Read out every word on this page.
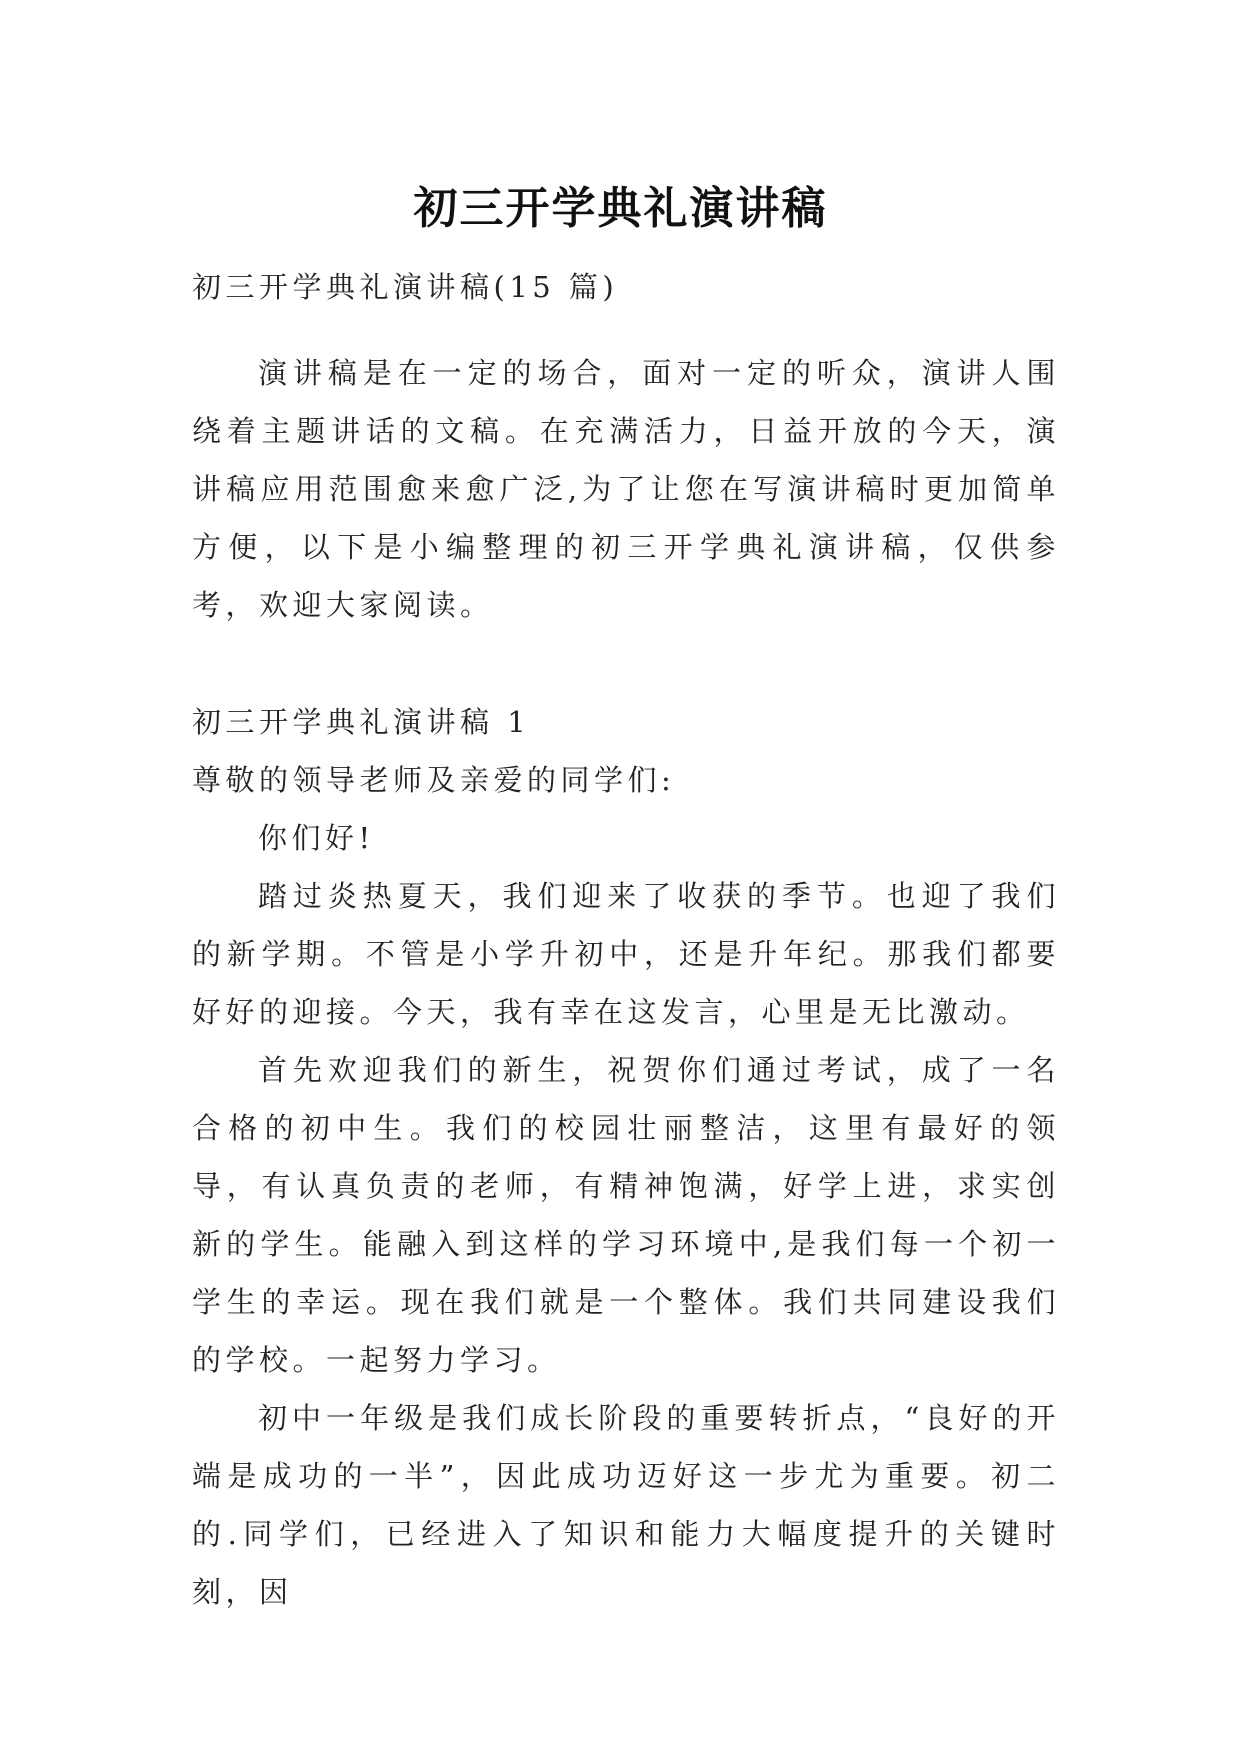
初三开学典礼演讲稿

初三开学典礼演讲稿(15 篇)

演讲稿是在一定的场合，面对一定的听众，演讲人围绕着主题讲话的文稿。在充满活力，日益开放的今天，演讲稿应用范围愈来愈广泛,为了让您在写演讲稿时更加简单方便，以下是小编整理的初三开学典礼演讲稿，仅供参考，欢迎大家阅读。

初三开学典礼演讲稿 1

尊敬的领导老师及亲爱的同学们:

你们好!

踏过炎热夏天，我们迎来了收获的季节。也迎了我们的新学期。不管是小学升初中，还是升年纪。那我们都要好好的迎接。今天，我有幸在这发言，心里是无比激动。

首先欢迎我们的新生，祝贺你们通过考试，成了一名合格的初中生。我们的校园壮丽整洁，这里有最好的领导，有认真负责的老师，有精神饱满，好学上进，求实创新的学生。能融入到这样的学习环境中,是我们每一个初一学生的幸运。现在我们就是一个整体。我们共同建设我们的学校。一起努力学习。

初中一年级是我们成长阶段的重要转折点，“良好的开端是成功的一半”，因此成功迈好这一步尤为重要。初二的.同学们，已经进入了知识和能力大幅度提升的关键时刻，因
